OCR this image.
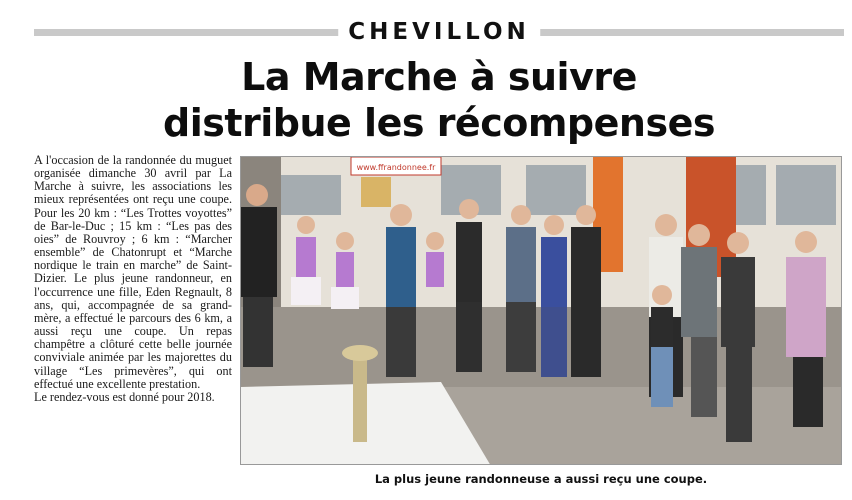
CHEVILLON
La Marche à suivre
distribue les récompenses

A l'occasion de la randonnée du muguet organisée dimanche 30 avril par La Marche à suivre, les associations les mieux représentées ont reçu une coupe. Pour les 20 km : “Les Trottes voyottes” de Bar-le-Duc ; 15 km : “Les pas des oies” de Rouvroy ; 6 km : “Marcher ensemble” de Chatonrupt et “Marche nordique le train en marche” de Saint-Dizier. Le plus jeune randonneur, en l'occurrence une fille, Eden Regnault, 8 ans, qui, accompagnée de sa grand-mère, a effectué le parcours des 6 km, a aussi reçu une coupe. Un repas champêtre a clôturé cette belle journée conviviale animée par les majorettes du village “Les primevères”, qui ont effectué une excellente prestation.

Le rendez-vous est donné pour 2018.

www.ffrandonnee.fr
La plus jeune randonneuse a aussi reçu une coupe.
